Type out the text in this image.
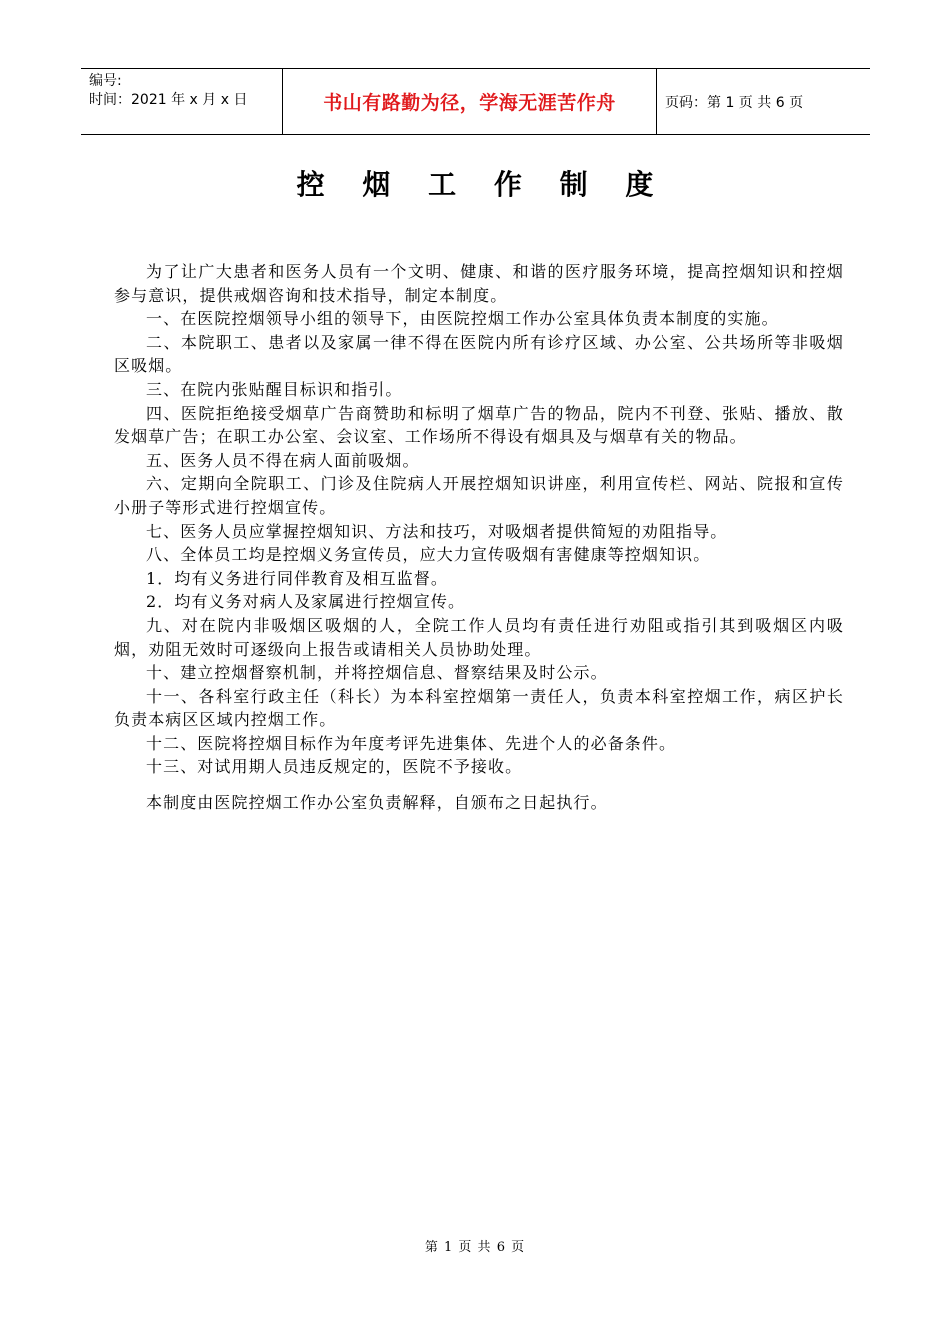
编号:
时间：2021 年 x 月 x 日	书山有路勤为径，学海无涯苦作舟	页码：第 1 页 共 6 页
控 烟 工 作 制 度

为了让广大患者和医务人员有一个文明、健康、和谐的医疗服务环境，提高控烟知识和控烟参与意识，提供戒烟咨询和技术指导，制定本制度。

一、在医院控烟领导小组的领导下，由医院控烟工作办公室具体负责本制度的实施。

二、本院职工、患者以及家属一律不得在医院内所有诊疗区域、办公室、公共场所等非吸烟区吸烟。

三、在院内张贴醒目标识和指引。

四、医院拒绝接受烟草广告商赞助和标明了烟草广告的物品，院内不刊登、张贴、播放、散发烟草广告；在职工办公室、会议室、工作场所不得设有烟具及与烟草有关的物品。

五、医务人员不得在病人面前吸烟。

六、定期向全院职工、门诊及住院病人开展控烟知识讲座，利用宣传栏、网站、院报和宣传小册子等形式进行控烟宣传。

七、医务人员应掌握控烟知识、方法和技巧，对吸烟者提供简短的劝阻指导。

八、全体员工均是控烟义务宣传员，应大力宣传吸烟有害健康等控烟知识。

1．均有义务进行同伴教育及相互监督。

2．均有义务对病人及家属进行控烟宣传。

九、对在院内非吸烟区吸烟的人，全院工作人员均有责任进行劝阻或指引其到吸烟区内吸烟，劝阻无效时可逐级向上报告或请相关人员协助处理。

十、建立控烟督察机制，并将控烟信息、督察结果及时公示。

十一、各科室行政主任（科长）为本科室控烟第一责任人，负责本科室控烟工作，病区护长负责本病区区域内控烟工作。

十二、医院将控烟目标作为年度考评先进集体、先进个人的必备条件。

十三、对试用期人员违反规定的，医院不予接收。

本制度由医院控烟工作办公室负责解释，自颁布之日起执行。

第 1 页 共 6 页
